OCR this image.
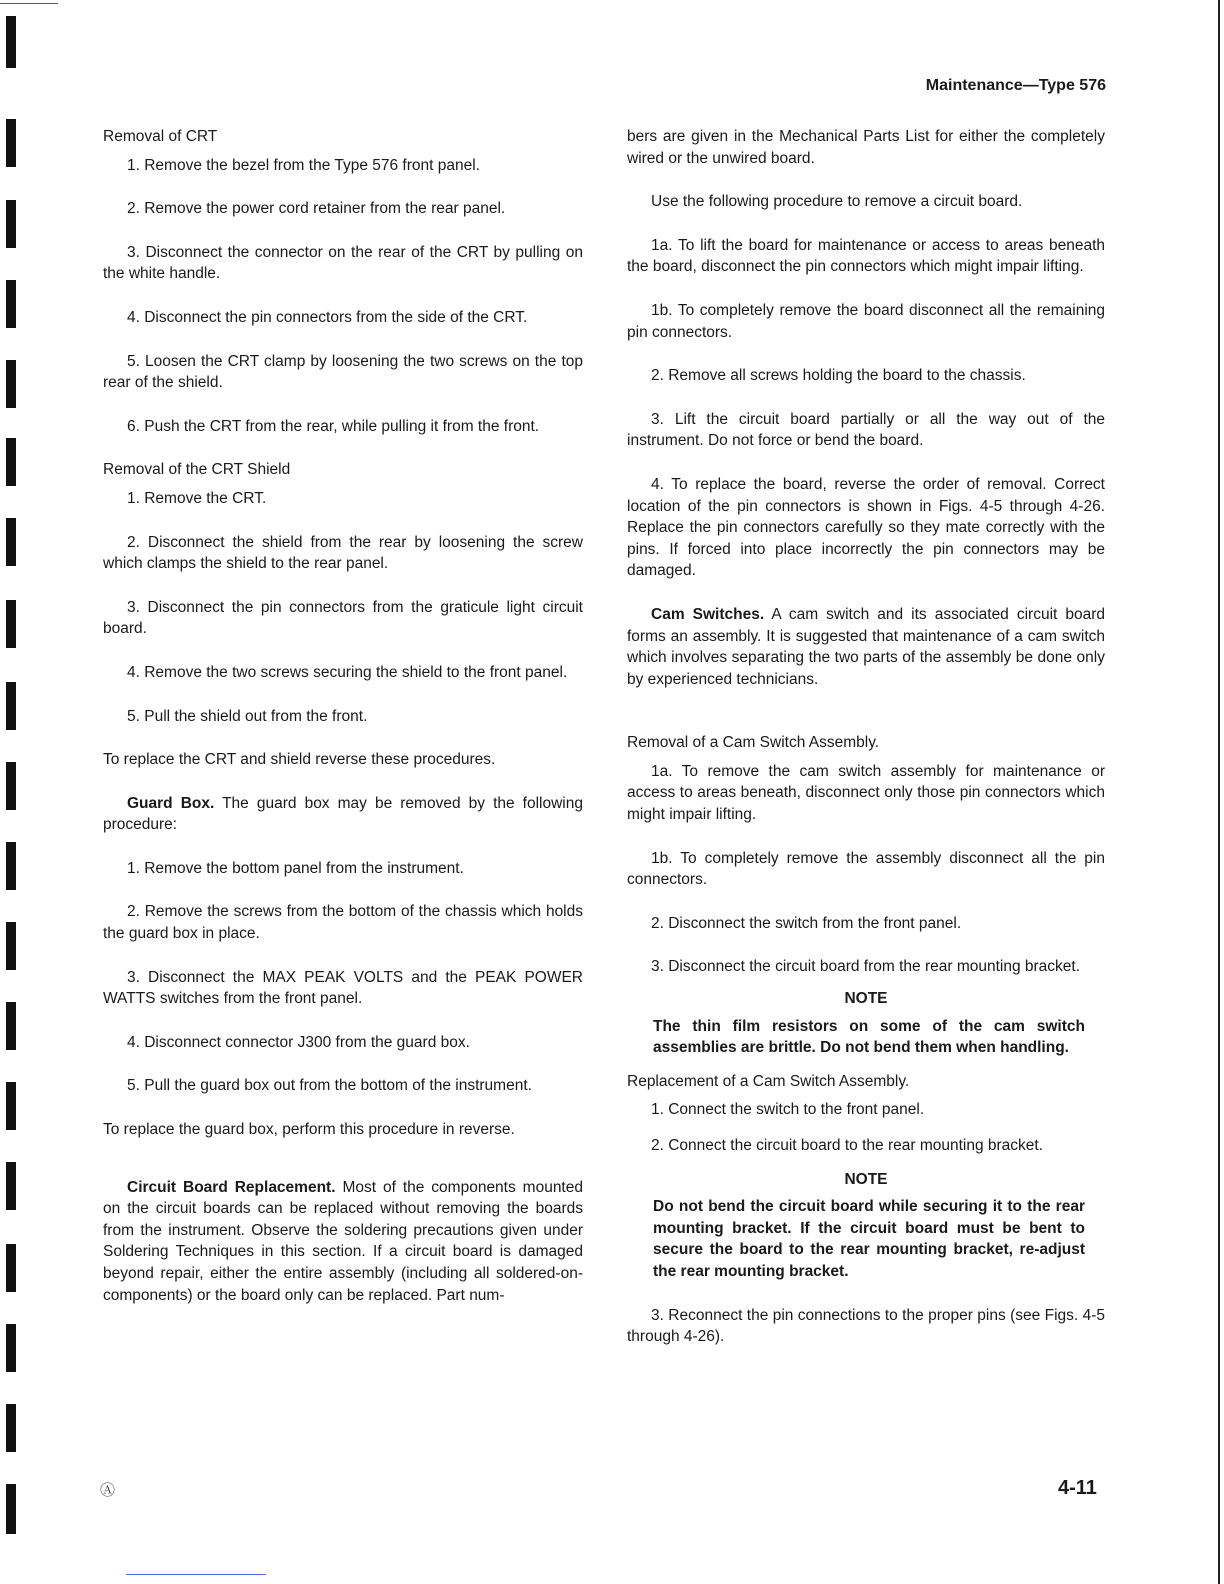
Maintenance—Type 576

Removal of CRT

1. Remove the bezel from the Type 576 front panel.

2. Remove the power cord retainer from the rear panel.

3. Disconnect the connector on the rear of the CRT by pulling on the white handle.

4. Disconnect the pin connectors from the side of the CRT.

5. Loosen the CRT clamp by loosening the two screws on the top rear of the shield.

6. Push the CRT from the rear, while pulling it from the front.

Removal of the CRT Shield

1. Remove the CRT.

2. Disconnect the shield from the rear by loosening the screw which clamps the shield to the rear panel.

3. Disconnect the pin connectors from the graticule light circuit board.

4. Remove the two screws securing the shield to the front panel.

5. Pull the shield out from the front.

To replace the CRT and shield reverse these procedures.

Guard Box. The guard box may be removed by the following procedure:

1. Remove the bottom panel from the instrument.

2. Remove the screws from the bottom of the chassis which holds the guard box in place.

3. Disconnect the MAX PEAK VOLTS and the PEAK POWER WATTS switches from the front panel.

4. Disconnect connector J300 from the guard box.

5. Pull the guard box out from the bottom of the instrument.

To replace the guard box, perform this procedure in reverse.

Circuit Board Replacement. Most of the components mounted on the circuit boards can be replaced without removing the boards from the instrument. Observe the soldering precautions given under Soldering Techniques in this section. If a circuit board is damaged beyond repair, either the entire assembly (including all soldered-on-components) or the board only can be replaced. Part num-

bers are given in the Mechanical Parts List for either the completely wired or the unwired board.

Use the following procedure to remove a circuit board.

1a. To lift the board for maintenance or access to areas beneath the board, disconnect the pin connectors which might impair lifting.

1b. To completely remove the board disconnect all the remaining pin connectors.

2. Remove all screws holding the board to the chassis.

3. Lift the circuit board partially or all the way out of the instrument. Do not force or bend the board.

4. To replace the board, reverse the order of removal. Correct location of the pin connectors is shown in Figs. 4-5 through 4-26. Replace the pin connectors carefully so they mate correctly with the pins. If forced into place incorrectly the pin connectors may be damaged.

Cam Switches. A cam switch and its associated circuit board forms an assembly. It is suggested that maintenance of a cam switch which involves separating the two parts of the assembly be done only by experienced technicians.

Removal of a Cam Switch Assembly.

1a. To remove the cam switch assembly for maintenance or access to areas beneath, disconnect only those pin connectors which might impair lifting.

1b. To completely remove the assembly disconnect all the pin connectors.

2. Disconnect the switch from the front panel.

3. Disconnect the circuit board from the rear mounting bracket.

NOTE

The thin film resistors on some of the cam switch assemblies are brittle. Do not bend them when handling.

Replacement of a Cam Switch Assembly.

1. Connect the switch to the front panel.

2. Connect the circuit board to the rear mounting bracket.

NOTE

Do not bend the circuit board while securing it to the rear mounting bracket. If the circuit board must be bent to secure the board to the rear mounting bracket, re-adjust the rear mounting bracket.

3. Reconnect the pin connections to the proper pins (see Figs. 4-5 through 4-26).

Ⓐ	4-11
